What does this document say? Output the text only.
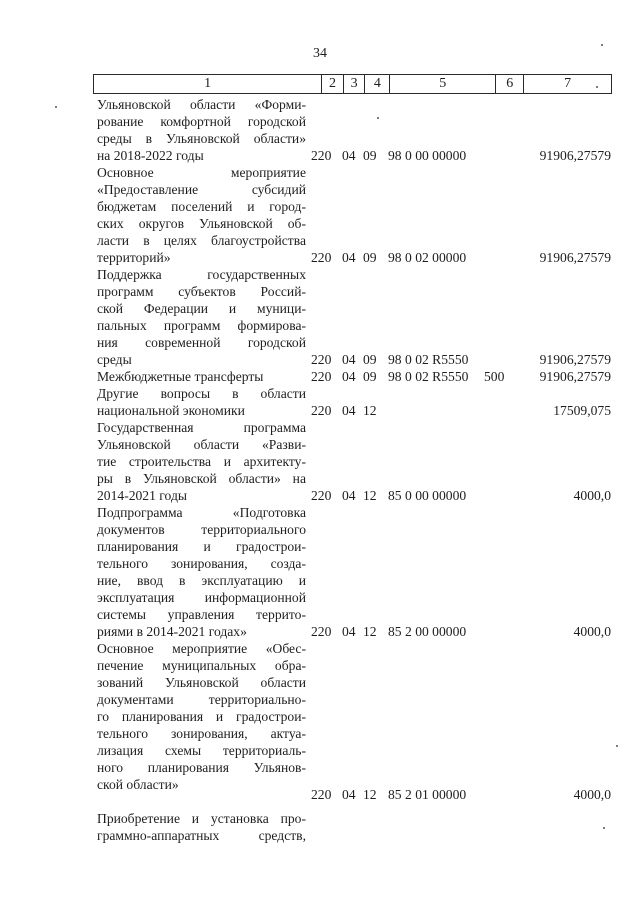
34
1	2	3	4	5	6	7
Ульяновской области «Форми-
рование комфортной городской
среды в Ульяновской области»
на 2018-2022 годы	220 04 09 98 0 00 00000	91906,27579
Основное мероприятие
«Предоставление субсидий
бюджетам поселений и город-
ских округов Ульяновской об-
ласти в целях благоустройства
территорий»	220 04 09 98 0 02 00000	91906,27579
Поддержка государственных
программ субъектов Россий-
ской Федерации и муници-
пальных программ формирова-
ния современной городской
среды	220 04 09 98 0 02 R5550	91906,27579
Межбюджетные трансферты	220 04 09 98 0 02 R5550 500	91906,27579
Другие вопросы в области
национальной экономики	220 04 12	17509,075
Государственная программа
Ульяновской области «Разви-
тие строительства и архитекту-
ры в Ульяновской области» на
2014-2021 годы	220 04 12 85 0 00 00000	4000,0
Подпрограмма «Подготовка
документов территориального
планирования и градострои-
тельного зонирования, созда-
ние, ввод в эксплуатацию и
эксплуатация информационной
системы управления террито-
риями в 2014-2021 годах»	220 04 12 85 2 00 00000	4000,0
Основное мероприятие «Обес-
печение муниципальных обра-
зований Ульяновской области
документами территориально-
го планирования и градострои-
тельного зонирования, актуа-
лизация схемы территориаль-
ного планирования Ульянов-
ской области»
220 04 12 85 2 01 00000	4000,0
Приобретение и установка про-
граммно-аппаратных средств,
